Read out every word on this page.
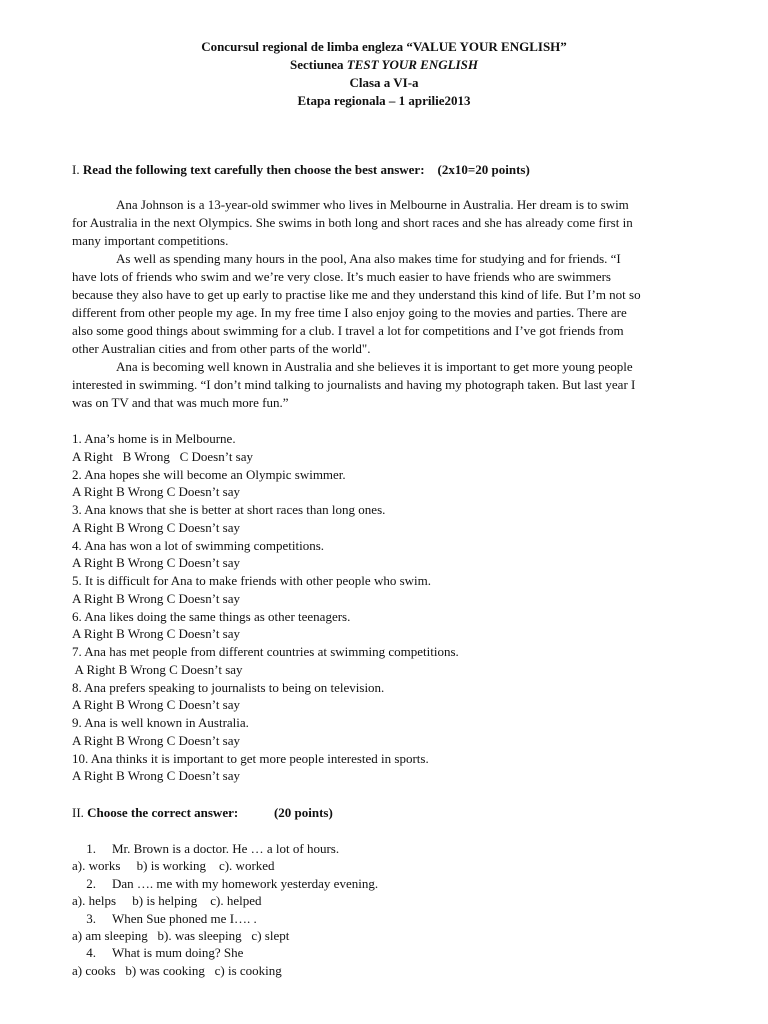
Concursul regional de limba engleza “VALUE YOUR ENGLISH”
Sectiunea TEST YOUR ENGLISH
Clasa a VI-a
Etapa regionala – 1 aprilie2013
I. Read the following text carefully then choose the best answer: (2x10=20 points)
Ana Johnson is a 13-year-old swimmer who lives in Melbourne in Australia. Her dream is to swim
for Australia in the next Olympics. She swims in both long and short races and she has already come first in
many important competitions.
As well as spending many hours in the pool, Ana also makes time for studying and for friends. “I
have lots of friends who swim and we’re very close. It’s much easier to have friends who are swimmers
because they also have to get up early to practise like me and they understand this kind of life. But I’m not so
different from other people my age. In my free time I also enjoy going to the movies and parties. There are
also some good things about swimming for a club. I travel a lot for competitions and I’ve got friends from
other Australian cities and from other parts of the world".
Ana is becoming well known in Australia and she believes it is important to get more young people
interested in swimming. “I don’t mind talking to journalists and having my photograph taken. But last year I
was on TV and that was much more fun.”
1. Ana’s home is in Melbourne.
A Right   B Wrong   C Doesn’t say
2. Ana hopes she will become an Olympic swimmer.
A Right B Wrong C Doesn’t say
3. Ana knows that she is better at short races than long ones.
A Right B Wrong C Doesn’t say
4. Ana has won a lot of swimming competitions.
A Right B Wrong C Doesn’t say
5. It is difficult for Ana to make friends with other people who swim.
A Right B Wrong C Doesn’t say
6. Ana likes doing the same things as other teenagers.
A Right B Wrong C Doesn’t say
7. Ana has met people from different countries at swimming competitions.
A Right B Wrong C Doesn’t say
8. Ana prefers speaking to journalists to being on television.
A Right B Wrong C Doesn’t say
9. Ana is well known in Australia.
A Right B Wrong C Doesn’t say
10. Ana thinks it is important to get more people interested in sports.
A Right B Wrong C Doesn’t say
II. Choose the correct answer:	(20 points)
1. Mr. Brown is a doctor. He … a lot of hours.
a). works     b) is working    c). worked
2. Dan …. me with my homework yesterday evening.
a). helps     b) is helping    c). helped
3. When Sue phoned me I…. .
a) am sleeping   b). was sleeping   c) slept
4. What is mum doing? She
a) cooks   b) was cooking   c) is cooking
